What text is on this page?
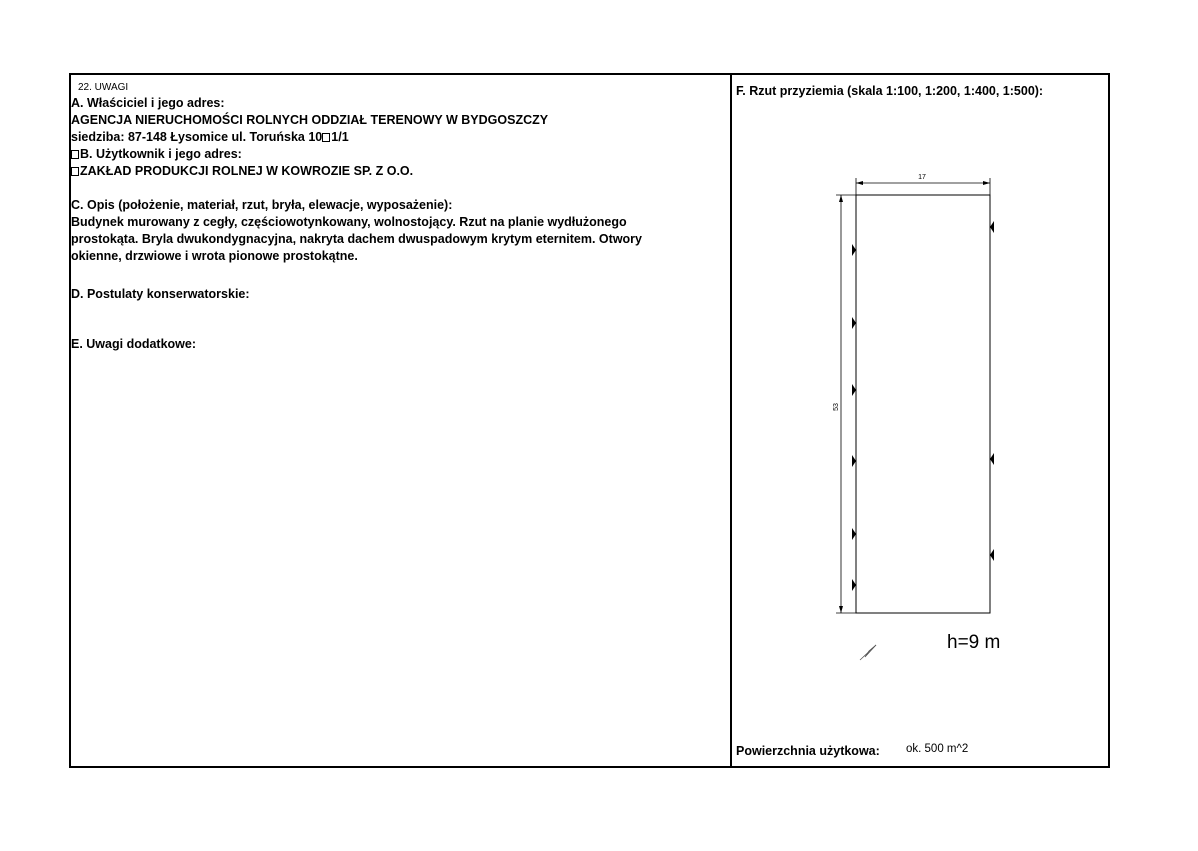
22. UWAGI
A. Właściciel i jego adres:
AGENCJA NIERUCHOMOŚCI ROLNYCH ODDZIAŁ TERENOWY W BYDGOSZCZY
siedziba: 87-148 Łysomice ul. Toruńska 10 1/1
B. Użytkownik i jego adres:
ZAKŁAD PRODUKCJI ROLNEJ W KOWROZIE SP. Z O.O.
C. Opis (położenie, materiał, rzut, bryła, elewacje, wyposażenie):
Budynek murowany z cegły, częściowotynkowany, wolnostojący. Rzut na planie wydłużonego
prostokąta. Bryla dwukondygnacyjna, nakryta dachem dwuspadowym krytym eternitem. Otwory
okienne, drzwiowe i wrota pionowe prostokątne.
D. Postulaty konserwatorskie:
E. Uwagi dodatkowe:
F. Rzut przyziemia (skala 1:100, 1:200, 1:400, 1:500):
17
53
h=9 m
Powierzchnia użytkowa: ok. 500 m^2
